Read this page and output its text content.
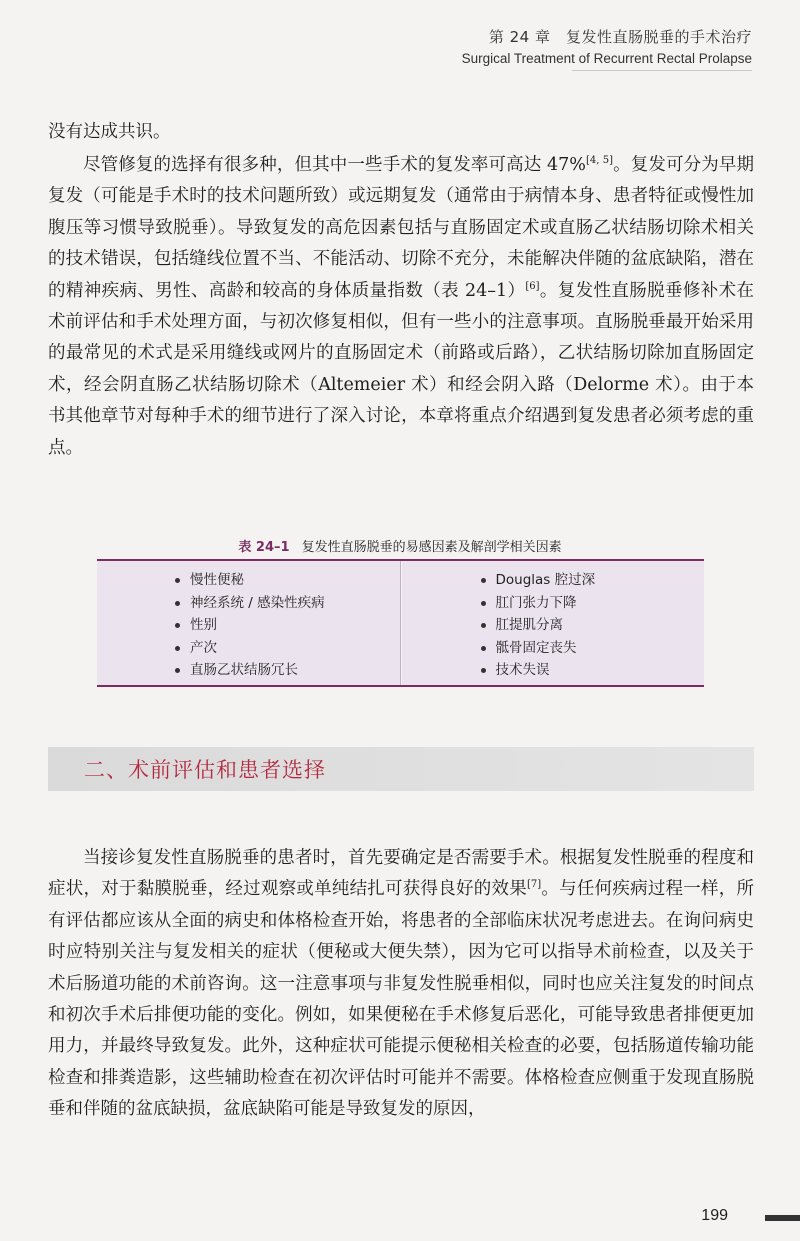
第 24 章　复发性直肠脱垂的手术治疗
Surgical Treatment of Recurrent Rectal Prolapse

没有达成共识。

尽管修复的选择有很多种，但其中一些手术的复发率可高达 47%[4, 5]。复发可分为早期复发（可能是手术时的技术问题所致）或远期复发（通常由于病情本身、患者特征或慢性加腹压等习惯导致脱垂）。导致复发的高危因素包括与直肠固定术或直肠乙状结肠切除术相关的技术错误，包括缝线位置不当、不能活动、切除不充分，未能解决伴随的盆底缺陷，潜在的精神疾病、男性、高龄和较高的身体质量指数（表 24–1）[6]。复发性直肠脱垂修补术在术前评估和手术处理方面，与初次修复相似，但有一些小的注意事项。直肠脱垂最开始采用的最常见的术式是采用缝线或网片的直肠固定术（前路或后路），乙状结肠切除加直肠固定术，经会阴直肠乙状结肠切除术（Altemeier 术）和经会阴入路（Delorme 术）。由于本书其他章节对每种手术的细节进行了深入讨论，本章将重点介绍遇到复发患者必须考虑的重点。

表 24–1 复发性直肠脱垂的易感因素及解剖学相关因素
慢性便秘
神经系统 / 感染性疾病
性别
产次
直肠乙状结肠冗长
Douglas 腔过深
肛门张力下降
肛提肌分离
骶骨固定丧失
技术失误
二、术前评估和患者选择

当接诊复发性直肠脱垂的患者时，首先要确定是否需要手术。根据复发性脱垂的程度和症状，对于黏膜脱垂，经过观察或单纯结扎可获得良好的效果[7]。与任何疾病过程一样，所有评估都应该从全面的病史和体格检查开始，将患者的全部临床状况考虑进去。在询问病史时应特别关注与复发相关的症状（便秘或大便失禁），因为它可以指导术前检查，以及关于术后肠道功能的术前咨询。这一注意事项与非复发性脱垂相似，同时也应关注复发的时间点和初次手术后排便功能的变化。例如，如果便秘在手术修复后恶化，可能导致患者排便更加用力，并最终导致复发。此外，这种症状可能提示便秘相关检查的必要，包括肠道传输功能检查和排粪造影，这些辅助检查在初次评估时可能并不需要。体格检查应侧重于发现直肠脱垂和伴随的盆底缺损，盆底缺陷可能是导致复发的原因，

199
